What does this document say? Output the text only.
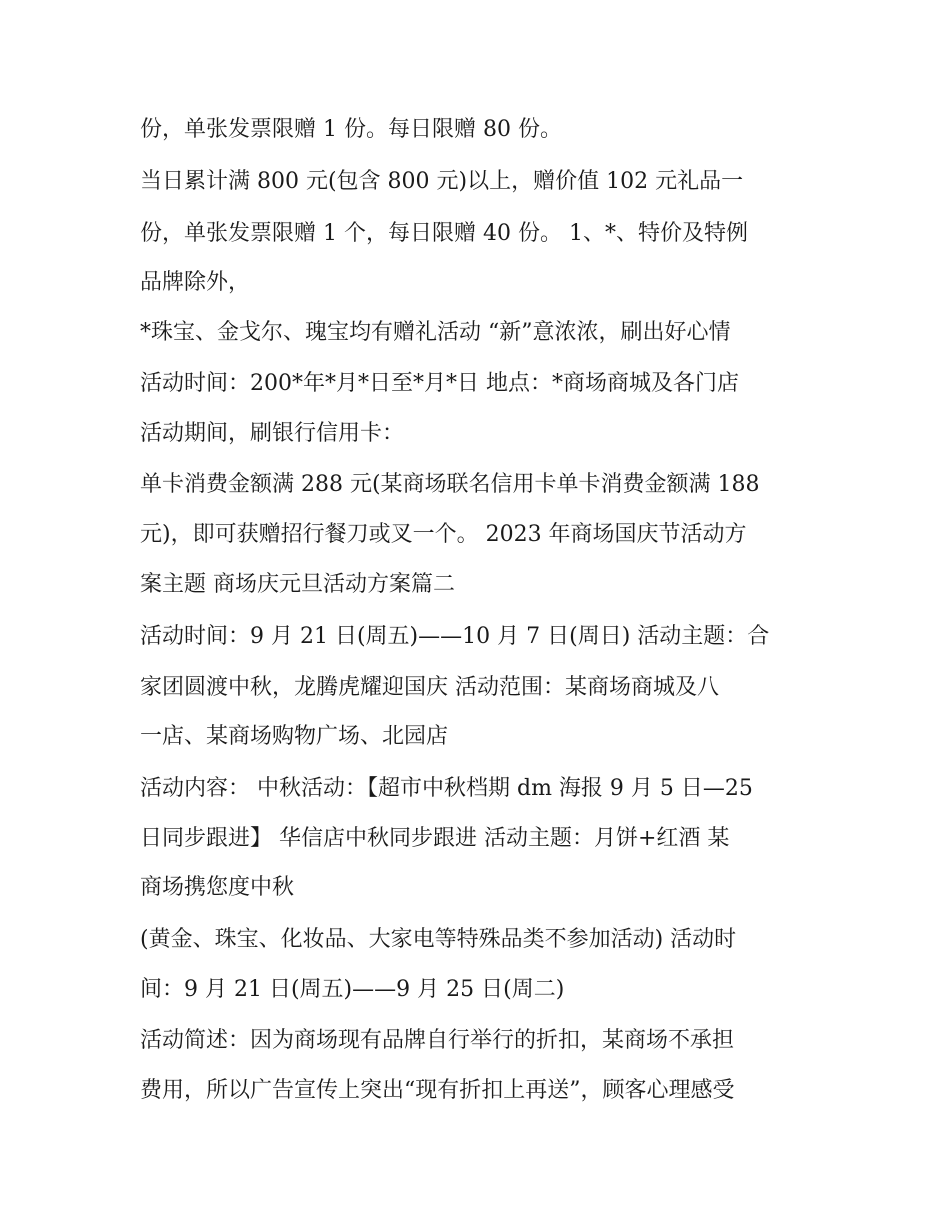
份，单张发票限赠 1 份。每日限赠 80 份。
当日累计满 800 元(包含 800 元)以上，赠价值 102 元礼品一
份，单张发票限赠 1 个，每日限赠 40 份。 1、*、特价及特例
品牌除外，
*珠宝、金戈尔、瑰宝均有赠礼活动 “新”意浓浓，刷出好心情
活动时间：200*年*月*日至*月*日 地点：*商场商城及各门店
活动期间，刷银行信用卡：
单卡消费金额满 288 元(某商场联名信用卡单卡消费金额满 188
元)，即可获赠招行餐刀或叉一个。 2023 年商场国庆节活动方
案主题 商场庆元旦活动方案篇二
活动时间：9 月 21 日(周五)——10 月 7 日(周日) 活动主题：合
家团圆渡中秋，龙腾虎耀迎国庆 活动范围：某商场商城及八
一店、某商场购物广场、北园店
活动内容： 中秋活动：【超市中秋档期 dm 海报 9 月 5 日—25
日同步跟进】 华信店中秋同步跟进 活动主题：月饼+红酒 某
商场携您度中秋
(黄金、珠宝、化妆品、大家电等特殊品类不参加活动) 活动时
间：9 月 21 日(周五)——9 月 25 日(周二)
活动简述：因为商场现有品牌自行举行的折扣，某商场不承担
费用，所以广告宣传上突出“现有折扣上再送”，顾客心理感受
